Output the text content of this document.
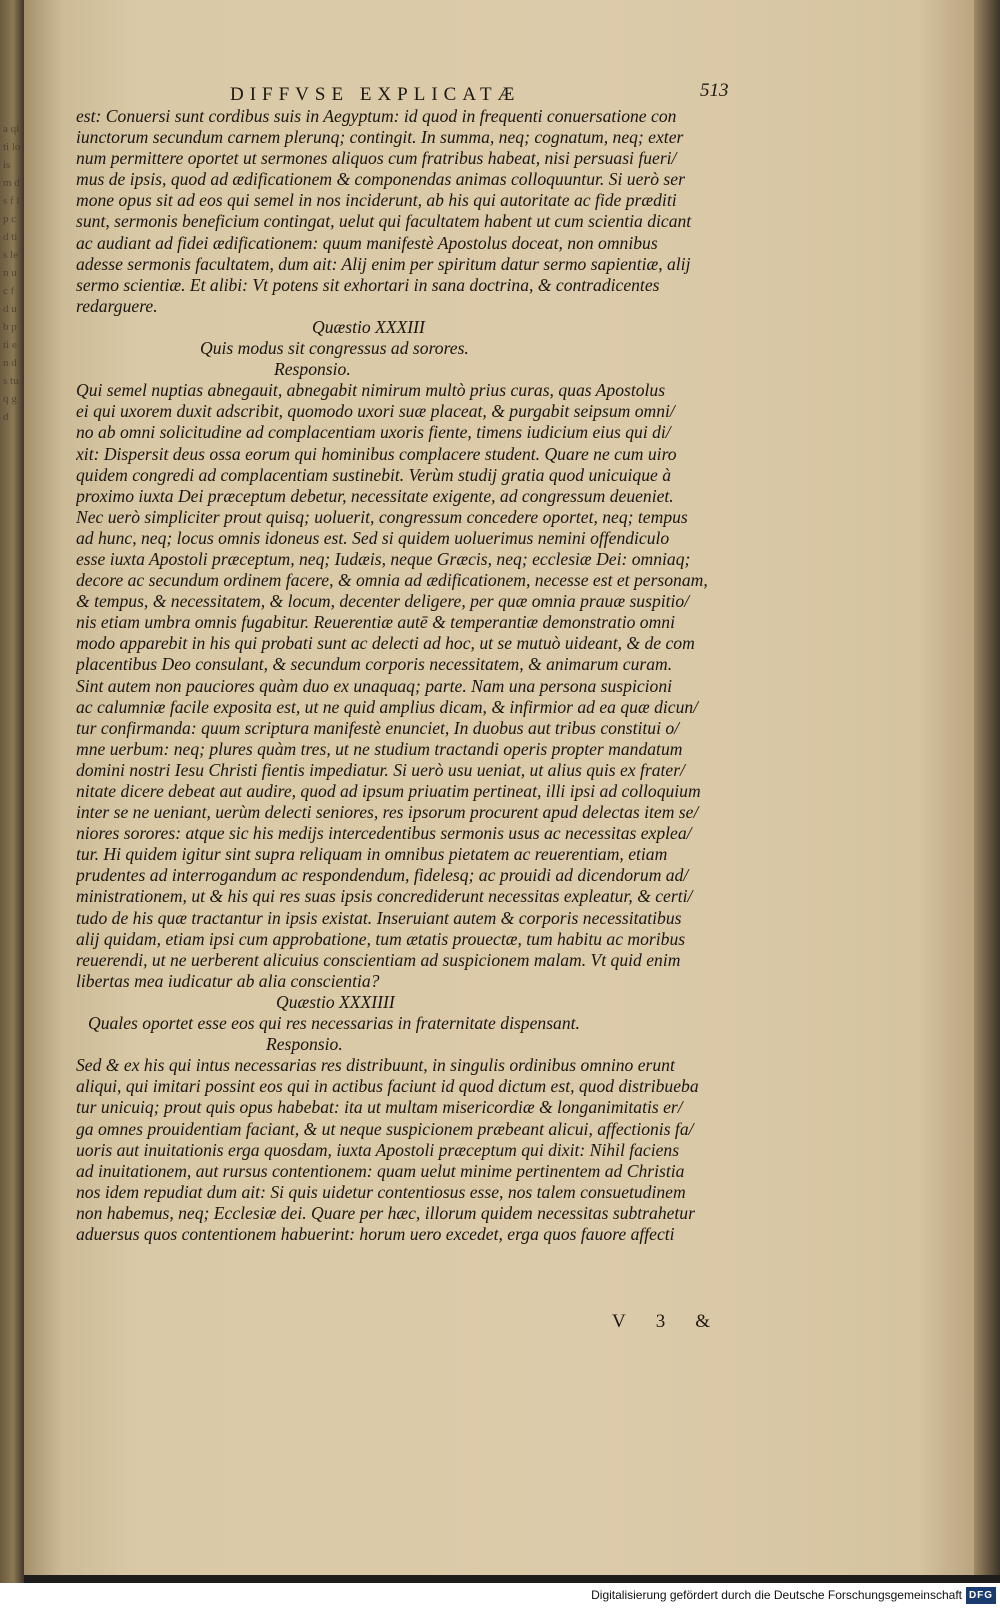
a qi ti lo is m d s f l p c d ti s le n u c f d u b p ti e n d s tu q g d
DIFFVSE EXPLICATÆ	513
est: Conuersi sunt cordibus suis in Aegyptum: id quod in frequenti conuersatione con
iunctorum secundum carnem plerunq; contingit. In summa, neq; cognatum, neq; exter
num permittere oportet ut sermones aliquos cum fratribus habeat, nisi persuasi fueri/
mus de ipsis, quod ad ædificationem & componendas animas colloquuntur. Si uerò ser
mone opus sit ad eos qui semel in nos inciderunt, ab his qui autoritate ac fide præditi
sunt, sermonis beneficium contingat, uelut qui facultatem habent ut cum scientia dicant
ac audiant ad fidei ædificationem: quum manifestè Apostolus doceat, non omnibus
adesse sermonis facultatem, dum ait: Alij enim per spiritum datur sermo sapientiæ, alij
sermo scientiæ. Et alibi: Vt potens sit exhortari in sana doctrina, & contradicentes
redarguere.
Quæstio XXXIII
Quis modus sit congressus ad sorores.
Responsio.
Qui semel nuptias abnegauit, abnegabit nimirum multò prius curas, quas Apostolus
ei qui uxorem duxit adscribit, quomodo uxori suæ placeat, & purgabit seipsum omni/
no ab omni solicitudine ad complacentiam uxoris fiente, timens iudicium eius qui di/
xit: Dispersit deus ossa eorum qui hominibus complacere student. Quare ne cum uiro
quidem congredi ad complacentiam sustinebit. Verùm studij gratia quod unicuique à
proximo iuxta Dei præceptum debetur, necessitate exigente, ad congressum deueniet.
Nec uerò simpliciter prout quisq; uoluerit, congressum concedere oportet, neq; tempus
ad hunc, neq; locus omnis idoneus est. Sed si quidem uoluerimus nemini offendiculo
esse iuxta Apostoli præceptum, neq; Iudæis, neque Græcis, neq; ecclesiæ Dei: omniaq;
decore ac secundum ordinem facere, & omnia ad ædificationem, necesse est et personam,
& tempus, & necessitatem, & locum, decenter deligere, per quæ omnia prauæ suspitio/
nis etiam umbra omnis fugabitur. Reuerentiæ autē & temperantiæ demonstratio omni
modo apparebit in his qui probati sunt ac delecti ad hoc, ut se mutuò uideant, & de com
placentibus Deo consulant, & secundum corporis necessitatem, & animarum curam.
Sint autem non pauciores quàm duo ex unaquaq; parte. Nam una persona suspicioni
ac calumniæ facile exposita est, ut ne quid amplius dicam, & infirmior ad ea quæ dicun/
tur confirmanda: quum scriptura manifestè enunciet, In duobus aut tribus constitui o/
mne uerbum: neq; plures quàm tres, ut ne studium tractandi operis propter mandatum
domini nostri Iesu Christi fientis impediatur. Si uerò usu ueniat, ut alius quis ex frater/
nitate dicere debeat aut audire, quod ad ipsum priuatim pertineat, illi ipsi ad colloquium
inter se ne ueniant, uerùm delecti seniores, res ipsorum procurent apud delectas item se/
niores sorores: atque sic his medijs intercedentibus sermonis usus ac necessitas explea/
tur. Hi quidem igitur sint supra reliquam in omnibus pietatem ac reuerentiam, etiam
prudentes ad interrogandum ac respondendum, fidelesq; ac prouidi ad dicendorum ad/
ministrationem, ut & his qui res suas ipsis concrediderunt necessitas expleatur, & certi/
tudo de his quæ tractantur in ipsis existat. Inseruiant autem & corporis necessitatibus
alij quidam, etiam ipsi cum approbatione, tum ætatis prouectæ, tum habitu ac moribus
reuerendi, ut ne uerberent alicuius conscientiam ad suspicionem malam. Vt quid enim
libertas mea iudicatur ab alia conscientia?
Quæstio XXXIIII
Quales oportet esse eos qui res necessarias in fraternitate dispensant.
Responsio.
Sed & ex his qui intus necessarias res distribuunt, in singulis ordinibus omnino erunt
aliqui, qui imitari possint eos qui in actibus faciunt id quod dictum est, quod distribueba
tur unicuiq; prout quis opus habebat: ita ut multam misericordiæ & longanimitatis er/
ga omnes prouidentiam faciant, & ut neque suspicionem præbeant alicui, affectionis fa/
uoris aut inuitationis erga quosdam, iuxta Apostoli præceptum qui dixit: Nihil faciens
ad inuitationem, aut rursus contentionem: quam uelut minime pertinentem ad Christia
nos idem repudiat dum ait: Si quis uidetur contentiosus esse, nos talem consuetudinem
non habemus, neq; Ecclesiæ dei. Quare per hæc, illorum quidem necessitas subtrahetur
aduersus quos contentionem habuerint: horum uero excedet, erga quos fauore affecti
V3&
Digitalisierung gefördert durch die Deutsche Forschungsgemeinschaft DFG
